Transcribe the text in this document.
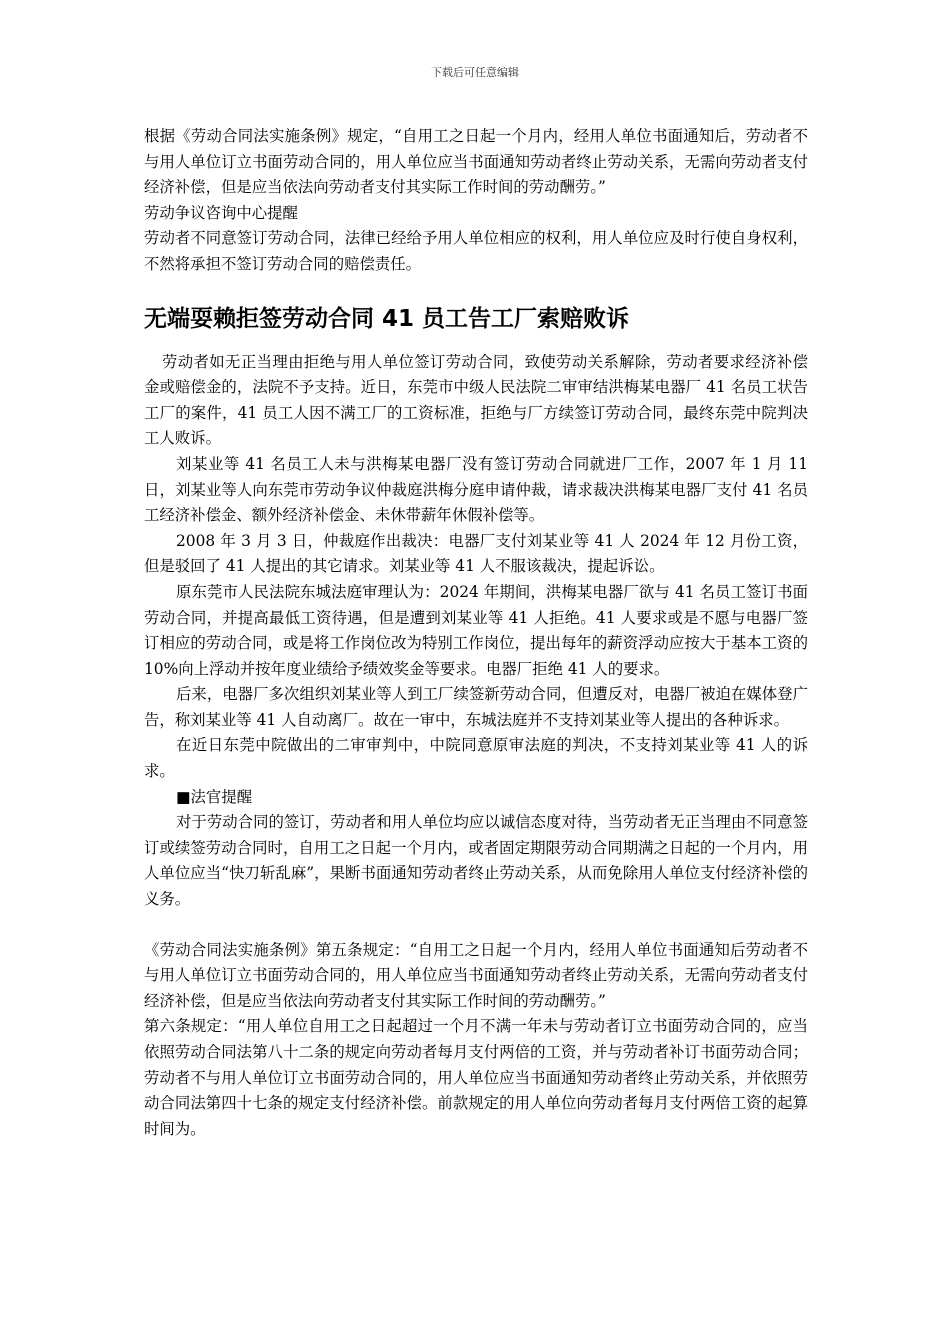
下载后可任意编辑

根据《劳动合同法实施条例》规定，“自用工之日起一个月内，经用人单位书面通知后，劳动者不与用人单位订立书面劳动合同的，用人单位应当书面通知劳动者终止劳动关系，无需向劳动者支付经济补偿，但是应当依法向劳动者支付其实际工作时间的劳动酬劳。”

劳动争议咨询中心提醒

劳动者不同意签订劳动合同，法律已经给予用人单位相应的权利，用人单位应及时行使自身权利，不然将承担不签订劳动合同的赔偿责任。

无端耍赖拒签劳动合同 41 员工告工厂索赔败诉

劳动者如无正当理由拒绝与用人单位签订劳动合同，致使劳动关系解除，劳动者要求经济补偿金或赔偿金的，法院不予支持。近日，东莞市中级人民法院二审审结洪梅某电器厂 41 名员工状告工厂的案件，41 员工人因不满工厂的工资标准，拒绝与厂方续签订劳动合同，最终东莞中院判决工人败诉。

刘某业等 41 名员工人未与洪梅某电器厂没有签订劳动合同就进厂工作，2007 年 1 月 11 日，刘某业等人向东莞市劳动争议仲裁庭洪梅分庭申请仲裁，请求裁决洪梅某电器厂支付 41 名员工经济补偿金、额外经济补偿金、未休带薪年休假补偿等。

2008 年 3 月 3 日，仲裁庭作出裁决：电器厂支付刘某业等 41 人 2024 年 12 月份工资，但是驳回了 41 人提出的其它请求。刘某业等 41 人不服该裁决，提起诉讼。

原东莞市人民法院东城法庭审理认为：2024 年期间，洪梅某电器厂欲与 41 名员工签订书面劳动合同，并提高最低工资待遇，但是遭到刘某业等 41 人拒绝。41 人要求或是不愿与电器厂签订相应的劳动合同，或是将工作岗位改为特别工作岗位，提出每年的薪资浮动应按大于基本工资的 10%向上浮动并按年度业绩给予绩效奖金等要求。电器厂拒绝 41 人的要求。

后来，电器厂多次组织刘某业等人到工厂续签新劳动合同，但遭反对，电器厂被迫在媒体登广告，称刘某业等 41 人自动离厂。故在一审中，东城法庭并不支持刘某业等人提出的各种诉求。

在近日东莞中院做出的二审审判中，中院同意原审法庭的判决，不支持刘某业等 41 人的诉求。

■法官提醒

对于劳动合同的签订，劳动者和用人单位均应以诚信态度对待，当劳动者无正当理由不同意签订或续签劳动合同时，自用工之日起一个月内，或者固定期限劳动合同期满之日起的一个月内，用人单位应当“快刀斩乱麻”，果断书面通知劳动者终止劳动关系，从而免除用人单位支付经济补偿的义务。

《劳动合同法实施条例》第五条规定：“自用工之日起一个月内，经用人单位书面通知后劳动者不与用人单位订立书面劳动合同的，用人单位应当书面通知劳动者终止劳动关系，无需向劳动者支付经济补偿，但是应当依法向劳动者支付其实际工作时间的劳动酬劳。”

第六条规定：“用人单位自用工之日起超过一个月不满一年未与劳动者订立书面劳动合同的，应当依照劳动合同法第八十二条的规定向劳动者每月支付两倍的工资，并与劳动者补订书面劳动合同；劳动者不与用人单位订立书面劳动合同的，用人单位应当书面通知劳动者终止劳动关系，并依照劳动合同法第四十七条的规定支付经济补偿。前款规定的用人单位向劳动者每月支付两倍工资的起算时间为。
